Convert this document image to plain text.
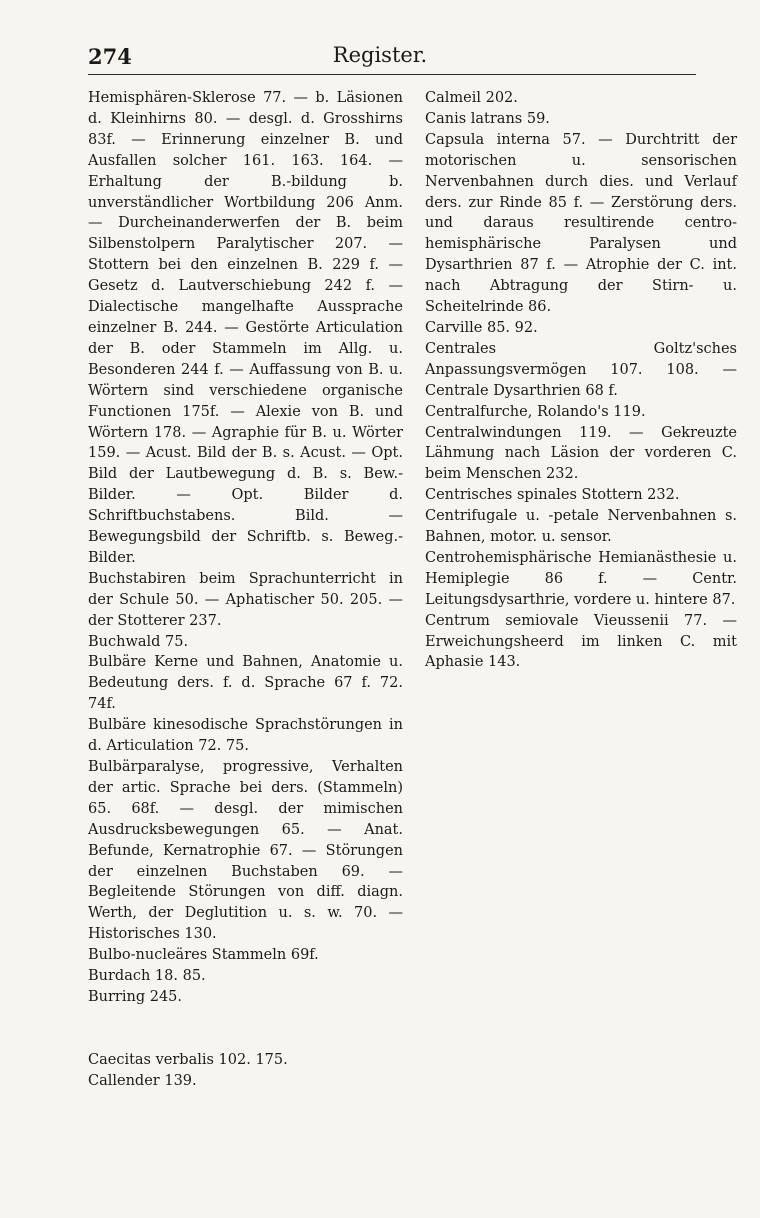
274	Register.
Hemisphären-Sklerose 77. — b. Läsionen d. Kleinhirns 80. — desgl. d. Grosshirns 83f. — Erinnerung einzelner B. und Ausfallen solcher 161. 163. 164. — Erhaltung der B.-bildung b. unverständlicher Wortbildung 206 Anm. — Durcheinanderwerfen der B. beim Silbenstolpern Paralytischer 207. — Stottern bei den einzelnen B. 229 f. — Gesetz d. Lautverschiebung 242 f. — Dialectische mangelhafte Aussprache einzelner B. 244. — Gestörte Articulation der B. oder Stammeln im Allg. u. Besonderen 244 f. — Auffassung von B. u. Wörtern sind verschiedene organische Functionen 175f. — Alexie von B. und Wörtern 178. — Agraphie für B. u. Wörter 159. — Acust. Bild der B. s. Acust. — Opt. Bild der Lautbewegung d. B. s. Bew.-Bilder. — Opt. Bilder d. Schriftbuchstabens. Bild. — Bewegungsbild der Schriftb. s. Beweg.-Bilder.
Buchstabiren beim Sprachunterricht in der Schule 50. — Aphatischer 50. 205. — der Stotterer 237.
Buchwald 75.
Bulbäre Kerne und Bahnen, Anatomie u. Bedeutung ders. f. d. Sprache 67 f. 72. 74f.
Bulbäre kinesodische Sprachstörungen in d. Articulation 72. 75.
Bulbärparalyse, progressive, Verhalten der artic. Sprache bei ders. (Stammeln) 65. 68f. — desgl. der mimischen Ausdrucksbewegungen 65. — Anat. Befunde, Kernatrophie 67. — Störungen der einzelnen Buchstaben 69. — Begleitende Störungen von diff. diagn. Werth, der Deglutition u. s. w. 70. — Historisches 130.
Bulbo-nucleäres Stammeln 69f.
Burdach 18. 85.
Burring 245.
Caecitas verbalis 102. 175.
Callender 139.
Calmeil 202.
Canis latrans 59.
Capsula interna 57. — Durchtritt der motorischen u. sensorischen Nervenbahnen durch dies. und Verlauf ders. zur Rinde 85 f. — Zerstörung ders. und daraus resultirende centro-hemisphärische Paralysen und Dysarthrien 87 f. — Atrophie der C. int. nach Abtragung der Stirn- u. Scheitelrinde 86.
Carville 85. 92.
Centrales Goltz'sches Anpassungsvermögen 107. 108. — Centrale Dysarthrien 68 f.
Centralfurche, Rolando's 119.
Centralwindungen 119. — Gekreuzte Lähmung nach Läsion der vorderen C. beim Menschen 232.
Centrisches spinales Stottern 232.
Centrifugale u. -petale Nervenbahnen s. Bahnen, motor. u. sensor.
Centrohemisphärische Hemianästhesie u. Hemiplegie 86 f. — Centr. Leitungsdysarthrie, vordere u. hintere 87.
Centrum semiovale Vieussenii 77. — Erweichungsheerd im linken C. mit Aphasie 143.
